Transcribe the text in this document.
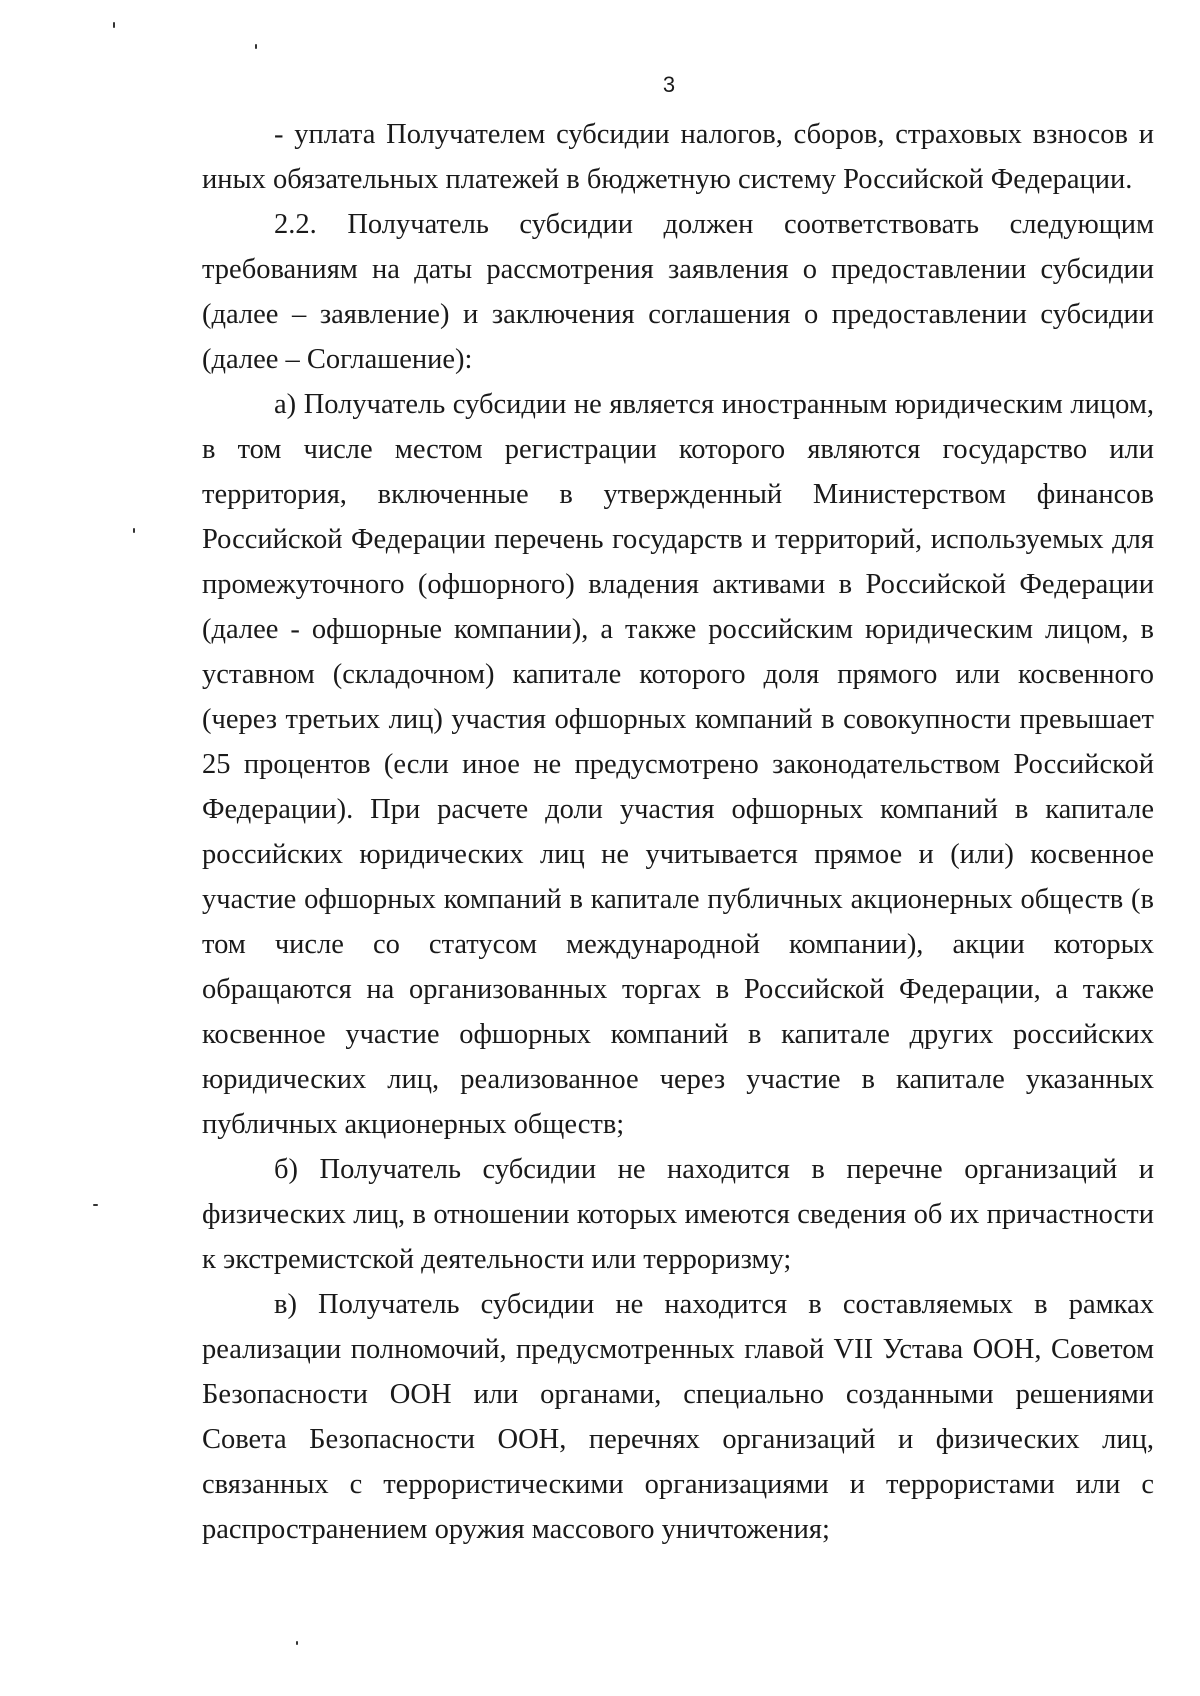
3

- уплата Получателем субсидии налогов, сборов, страховых взносов и иных обязательных платежей в бюджетную систему Российской Федерации.

2.2. Получатель субсидии должен соответствовать следующим требованиям на даты рассмотрения заявления о предоставлении субсидии (далее – заявление) и заключения соглашения о предоставлении субсидии (далее – Соглашение):

а) Получатель субсидии не является иностранным юридическим лицом, в том числе местом регистрации которого являются государство или территория, включенные в утвержденный Министерством финансов Российской Федерации перечень государств и территорий, используемых для промежуточного (офшорного) владения активами в Российской Федерации (далее - офшорные компании), а также российским юридическим лицом, в уставном (складочном) капитале которого доля прямого или косвенного (через третьих лиц) участия офшорных компаний в совокупности превышает 25 процентов (если иное не предусмотрено законодательством Российской Федерации). При расчете доли участия офшорных компаний в капитале российских юридических лиц не учитывается прямое и (или) косвенное участие офшорных компаний в капитале публичных акционерных обществ (в том числе со статусом международной компании), акции которых обращаются на организованных торгах в Российской Федерации, а также косвенное участие офшорных компаний в капитале других российских юридических лиц, реализованное через участие в капитале указанных публичных акционерных обществ;

б) Получатель субсидии не находится в перечне организаций и физических лиц, в отношении которых имеются сведения об их причастности к экстремистской деятельности или терроризму;

в) Получатель субсидии не находится в составляемых в рамках реализации полномочий, предусмотренных главой VII Устава ООН, Советом Безопасности ООН или органами, специально созданными решениями Совета Безопасности ООН, перечнях организаций и физических лиц, связанных с террористическими организациями и террористами или с распространением оружия массового уничтожения;
